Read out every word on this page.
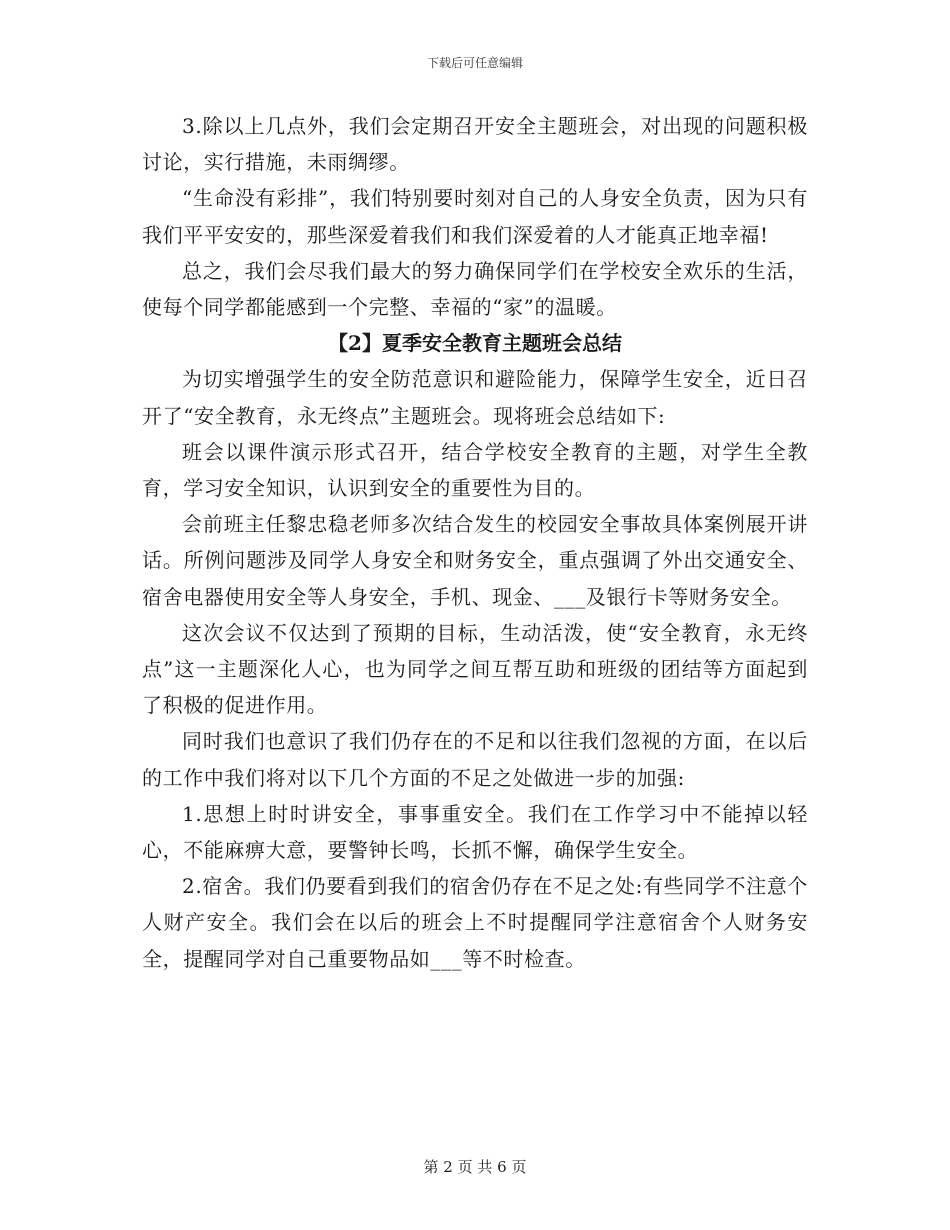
下载后可任意编辑

3.除以上几点外，我们会定期召开安全主题班会，对出现的问题积极讨论，实行措施，未雨绸缪。

“生命没有彩排”，我们特别要时刻对自己的人身安全负责，因为只有我们平平安安的，那些深爱着我们和我们深爱着的人才能真正地幸福!

总之，我们会尽我们最大的努力确保同学们在学校安全欢乐的生活，使每个同学都能感到一个完整、幸福的“家”的温暖。

【2】夏季安全教育主题班会总结

为切实增强学生的安全防范意识和避险能力，保障学生安全，近日召开了“安全教育，永无终点”主题班会。现将班会总结如下:

班会以课件演示形式召开，结合学校安全教育的主题，对学生全教育，学习安全知识，认识到安全的重要性为目的。

会前班主任黎忠稳老师多次结合发生的校园安全事故具体案例展开讲话。所例问题涉及同学人身安全和财务安全，重点强调了外出交通安全、宿舍电器使用安全等人身安全，手机、现金、___及银行卡等财务安全。

这次会议不仅达到了预期的目标，生动活泼，使“安全教育，永无终点”这一主题深化人心，也为同学之间互帮互助和班级的团结等方面起到了积极的促进作用。

同时我们也意识了我们仍存在的不足和以往我们忽视的方面，在以后的工作中我们将对以下几个方面的不足之处做进一步的加强:

1.思想上时时讲安全，事事重安全。我们在工作学习中不能掉以轻心，不能麻痹大意，要警钟长鸣，长抓不懈，确保学生安全。

2.宿舍。我们仍要看到我们的宿舍仍存在不足之处:有些同学不注意个人财产安全。我们会在以后的班会上不时提醒同学注意宿舍个人财务安全，提醒同学对自己重要物品如___等不时检查。

第 2 页 共 6 页
